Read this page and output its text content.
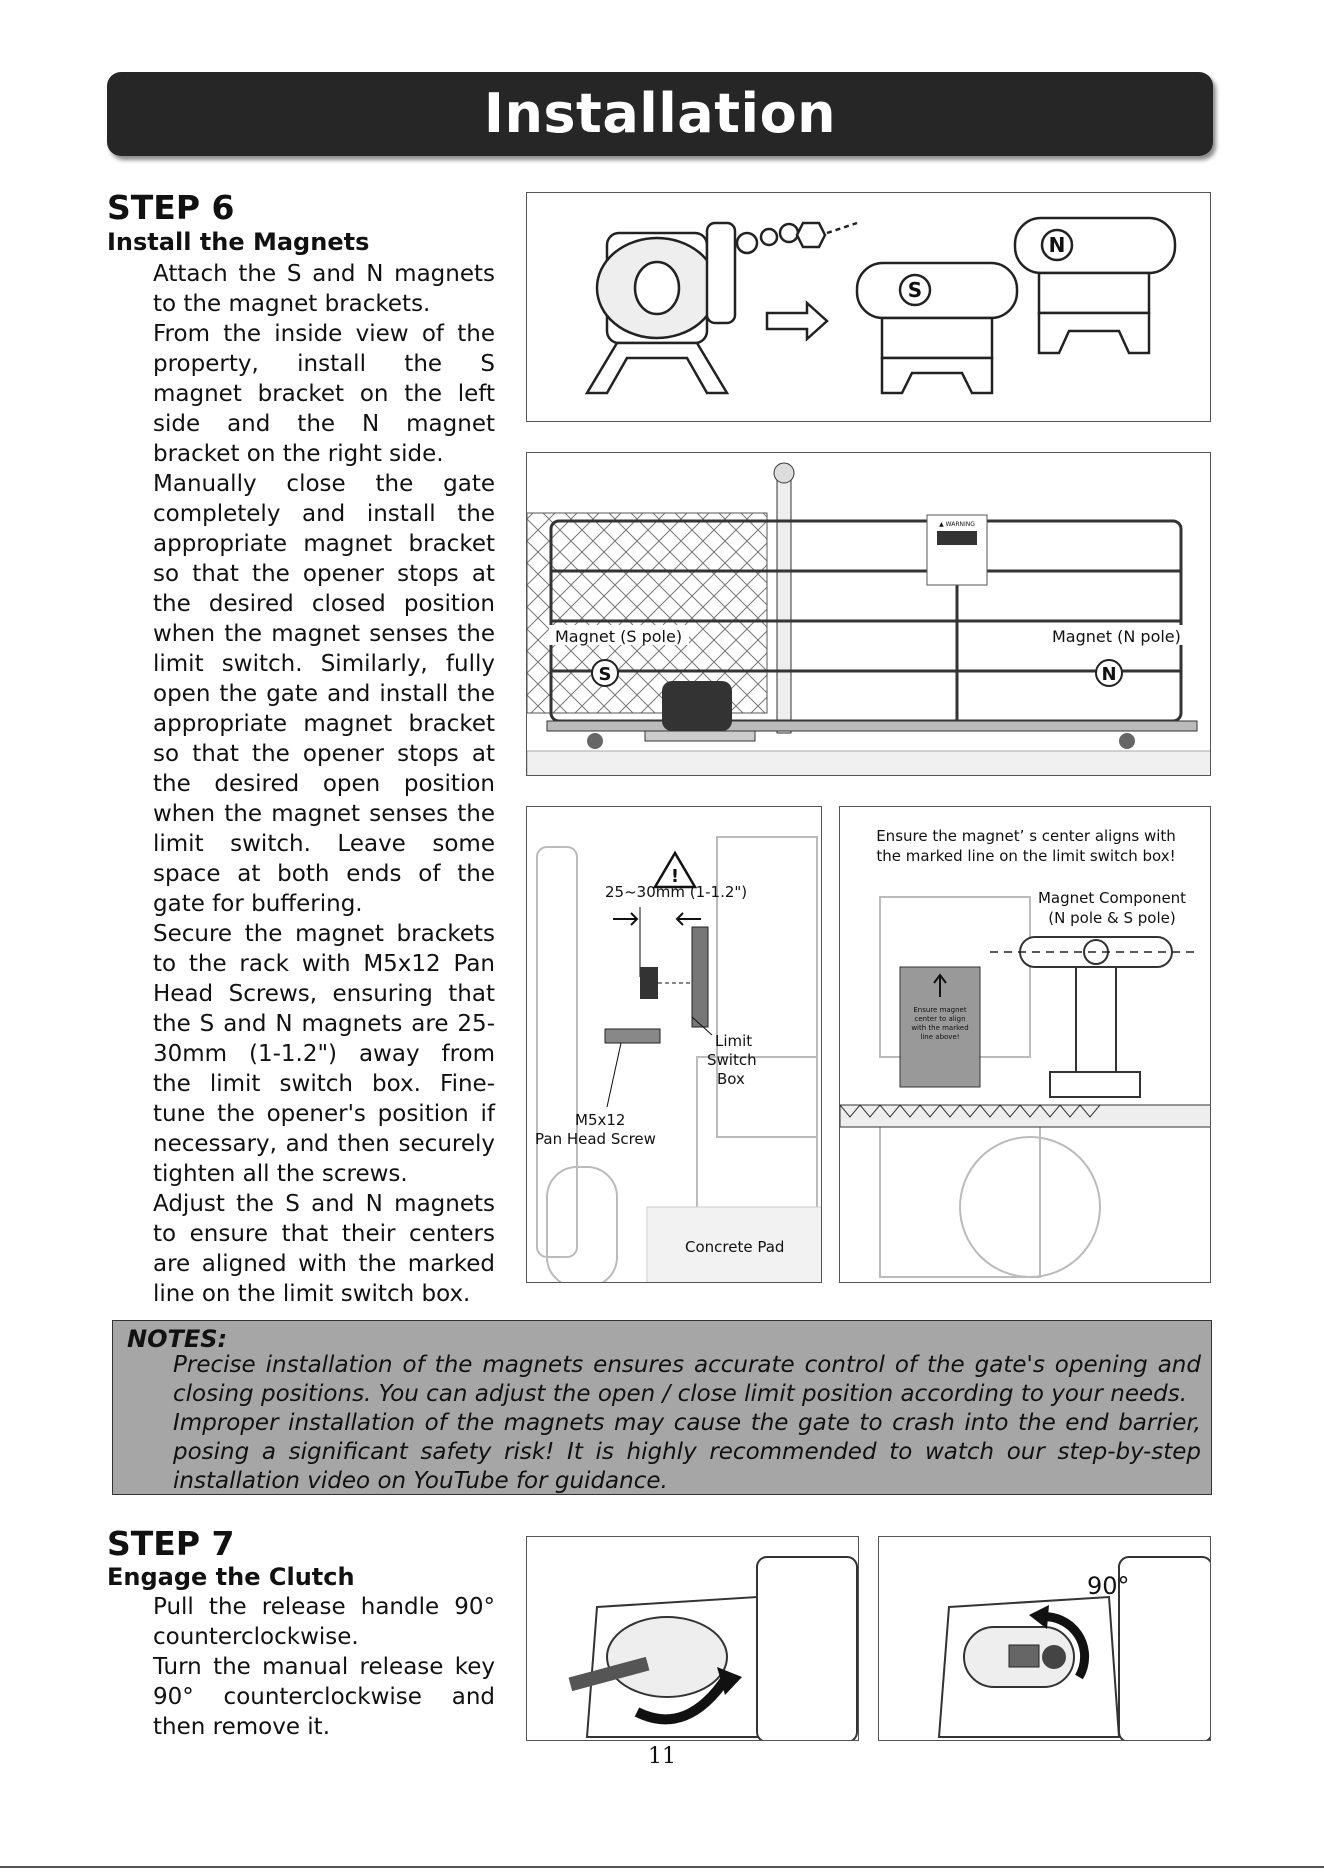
Installation
STEP 6
Install the Magnets

Attach the S and N magnets to the magnet brackets.

From the inside view of the property, install the S magnet bracket on the left side and the N magnet bracket on the right side.

Manually close the gate completely and install the appropriate magnet bracket so that the opener stops at the desired closed position when the magnet senses the limit switch. Similarly, fully open the gate and install the appropriate magnet bracket so that the opener stops at the desired open position when the magnet senses the limit switch. Leave some space at both ends of the gate for buffering.

Secure the magnet brackets to the rack with M5x12 Pan Head Screws, ensuring that the S and N magnets are 25-30mm (1-1.2") away from the limit switch box. Fine-tune the opener's position if necessary, and then securely tighten all the screws.

Adjust the S and N magnets to ensure that their centers are aligned with the marked line on the limit switch box.

S
N
▲ WARNING
Magnet (S pole)
S
Magnet (N pole)
N
!
25~30mm (1-1.2")
Limit
Switch
Box
M5x12
Pan Head Screw
Concrete Pad
Ensure the magnet’ s center aligns with
the marked line on the limit switch box!
Magnet Component
(N pole & S pole)
Ensure magnet
center to align
with the marked
line above!
NOTES:

Precise installation of the magnets ensures accurate control of the gate's opening and closing positions. You can adjust the open / close limit position according to your needs.

Improper installation of the magnets may cause the gate to crash into the end barrier, posing a significant safety risk! It is highly recommended to watch our step-by-step installation video on YouTube for guidance.

STEP 7
Engage the Clutch

Pull the release handle 90° counterclockwise.

Turn the manual release key 90° counterclockwise and then remove it.

90°
11
